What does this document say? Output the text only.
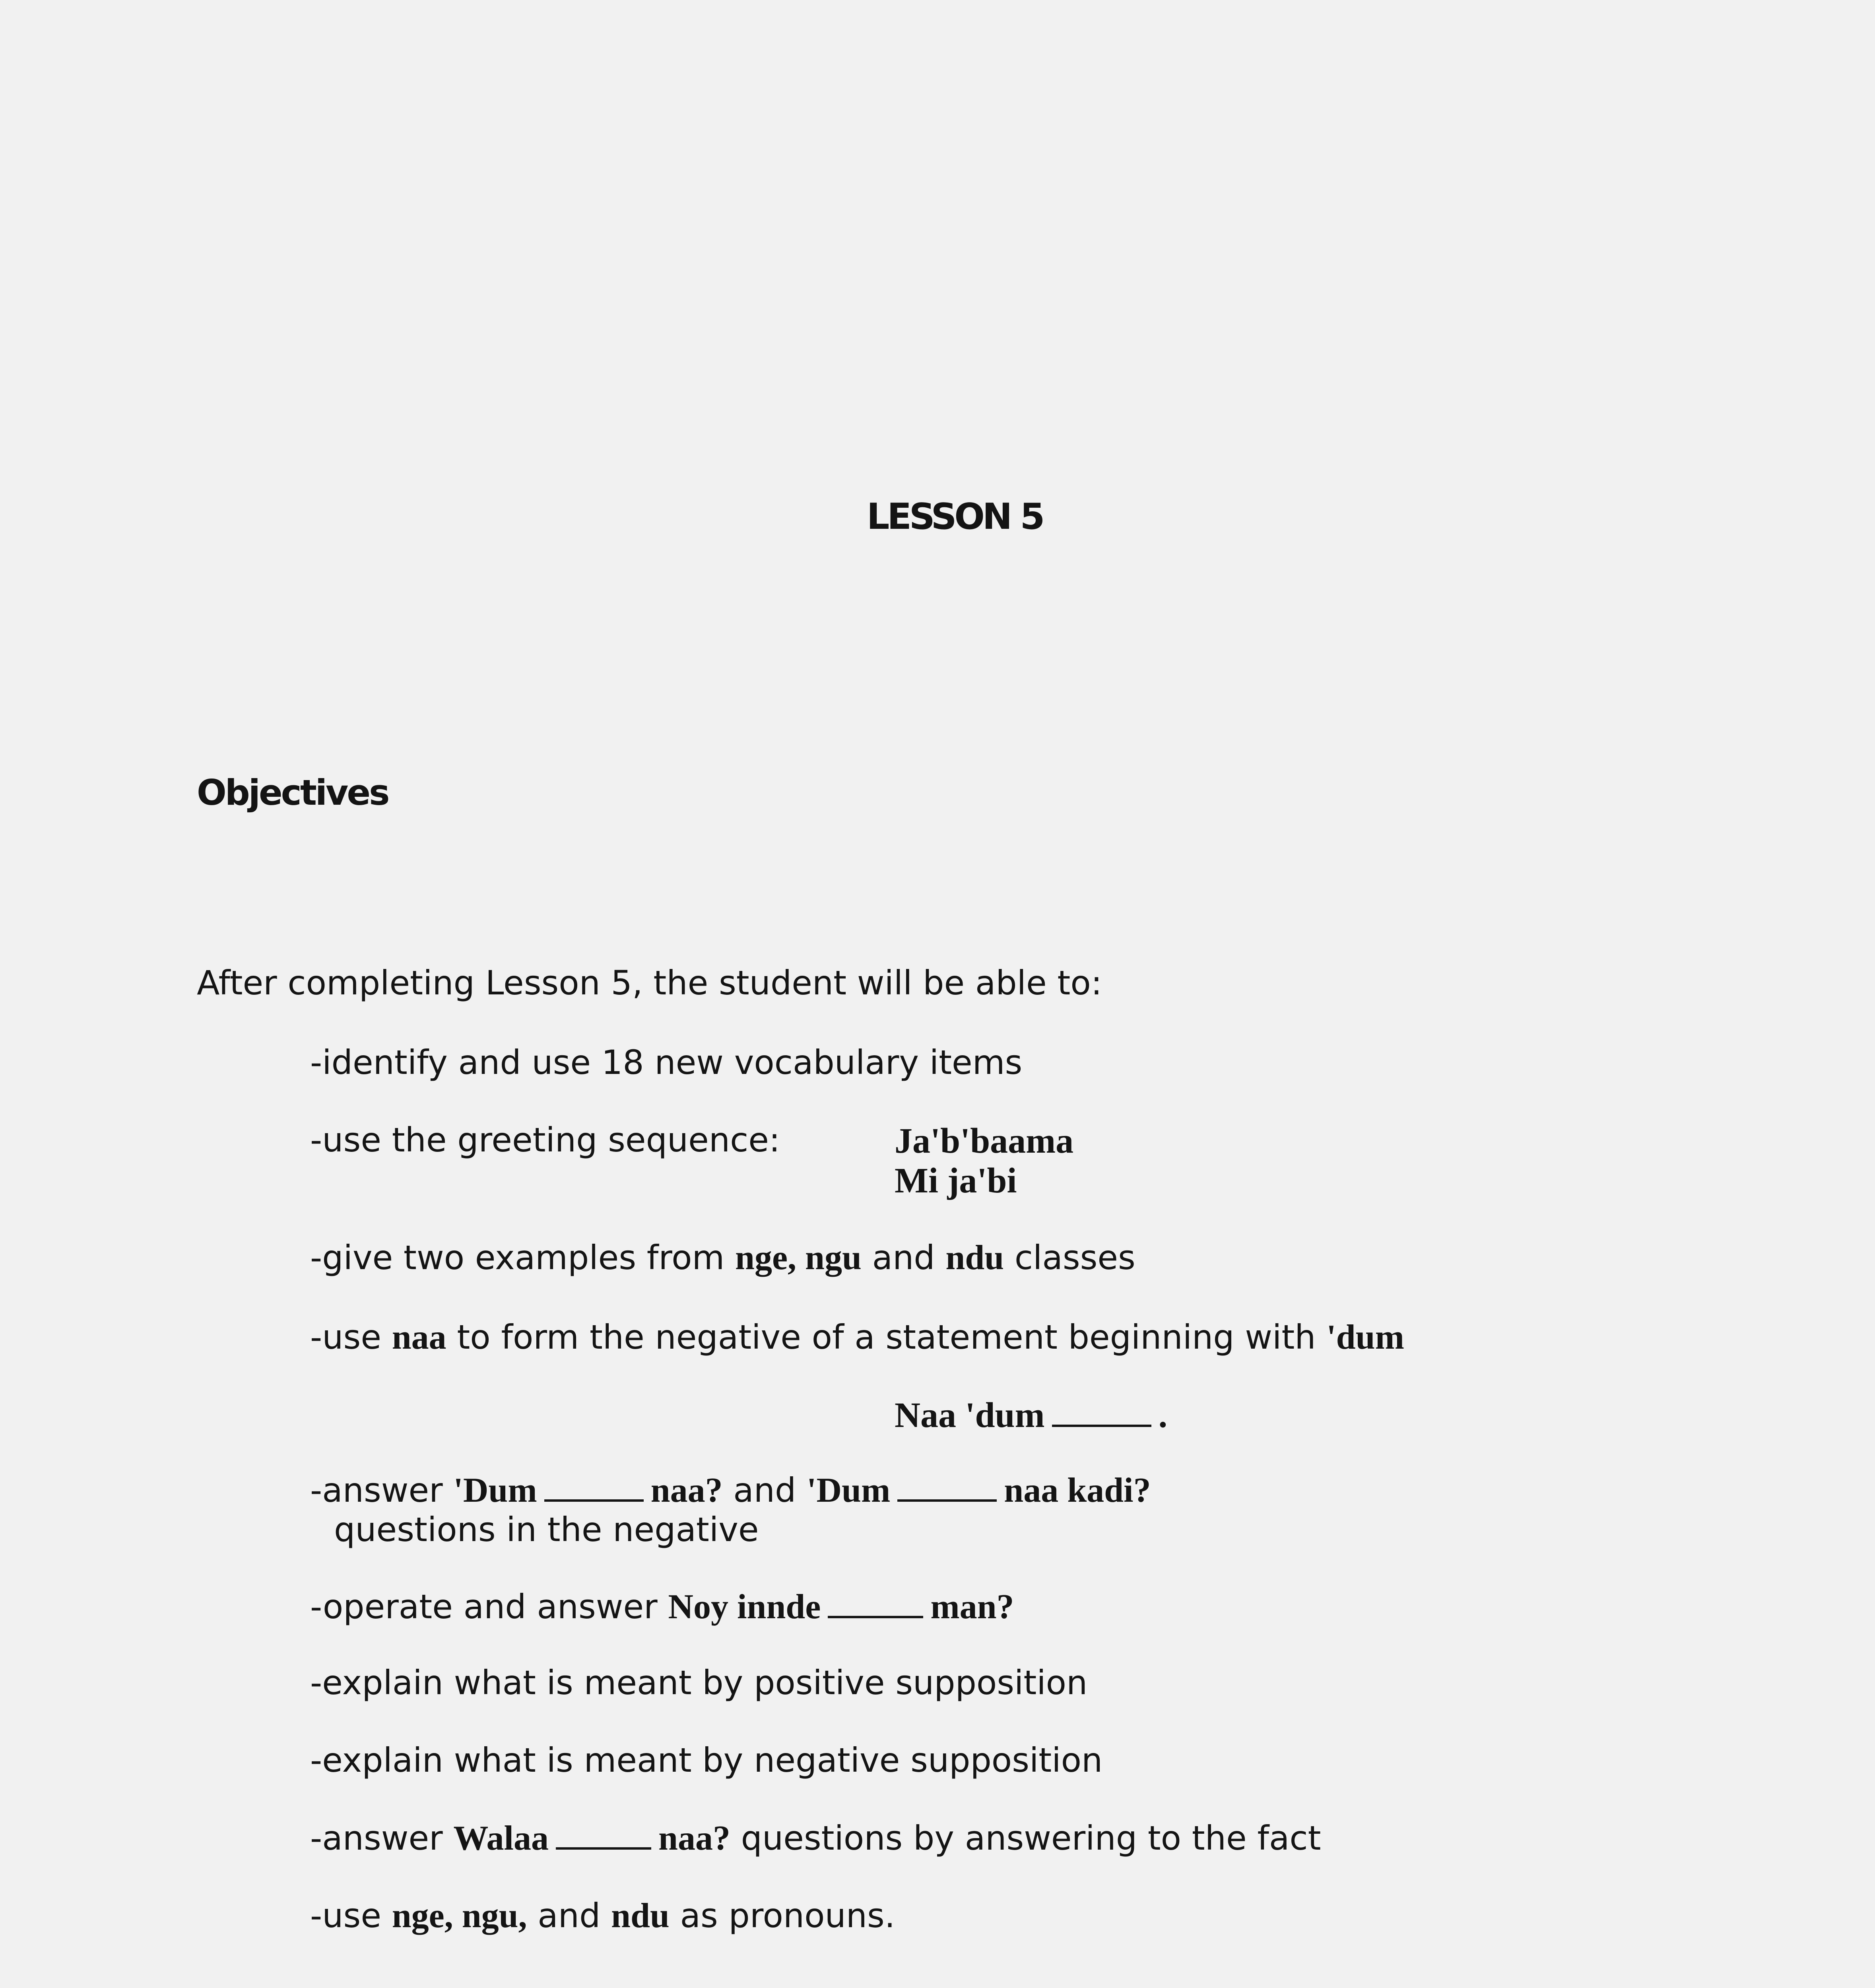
LESSON 5
Objectives
After completing Lesson 5, the student will be able to:
-identify and use 18 new vocabulary items
-use the greeting sequence:	Ja'b'baama
Mi ja'bi
-give two examples from nge, ngu and ndu classes
-use naa to form the negative of a statement beginning with 'dum
Naa 'dum	.
-answer 'Dum	naa? and 'Dum	naa kadi?
questions in the negative
-operate and answer Noy innde	man?
-explain what is meant by positive supposition
-explain what is meant by negative supposition
-answer Walaa	naa? questions by answering to the fact
-use nge, ngu, and ndu as pronouns.
